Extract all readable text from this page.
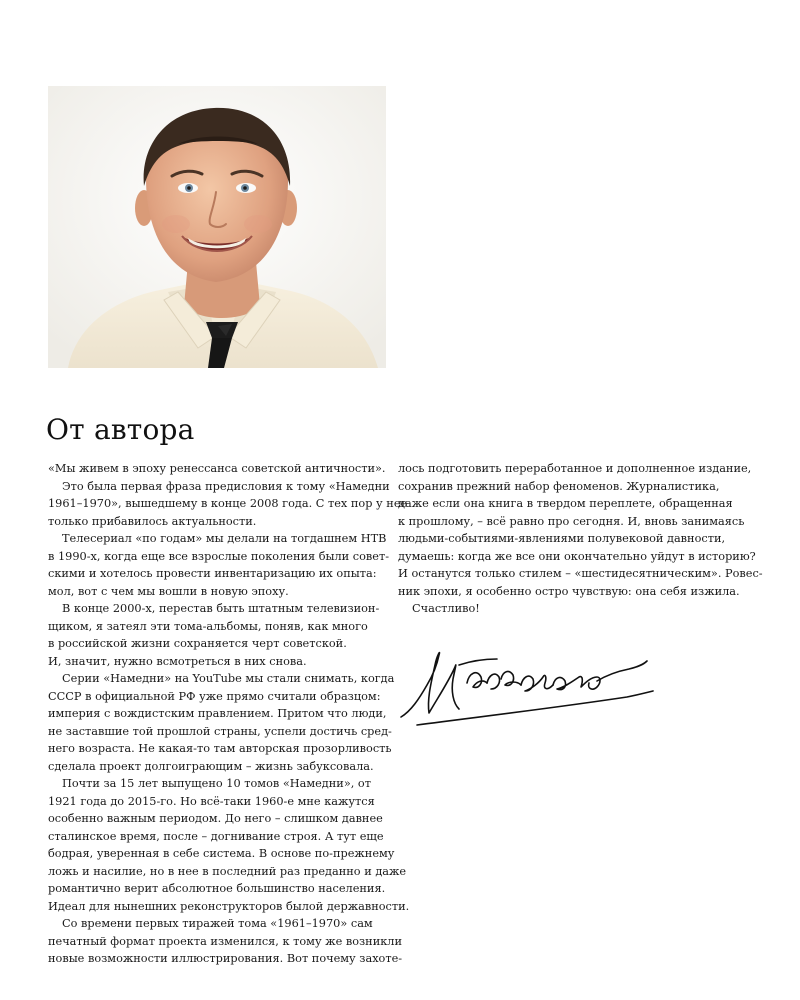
От автора

«Мы живем в эпоху ренессанса советской античности».

Это была первая фраза предисловия к тому «Намедни
1961–1970», вышедшему в конце 2008 года. С тех пор у нее
только прибавилось актуальности.

Телесериал «по годам» мы делали на тогдашнем НТВ
в 1990-х, когда еще все взрослые поколения были совет-
скими и хотелось провести инвентаризацию их опыта:
мол, вот с чем мы вошли в новую эпоху.

В конце 2000-х, перестав быть штатным телевизион-
щиком, я затеял эти тома-альбомы, поняв, как много
в российской жизни сохраняется черт советской.
И, значит, нужно всмотреться в них снова.

Серии «Намедни» на YouTube мы стали снимать, когда
СССР в официальной РФ уже прямо считали образцом:
империя с вождистским правлением. Притом что люди,
не заставшие той прошлой страны, успели достичь сред-
него возраста. Не какая-то там авторская прозорливость
сделала проект долгоиграющим – жизнь забуксовала.

Почти за 15 лет выпущено 10 томов «Намедни», от
1921 года до 2015-го. Но всё-таки 1960-е мне кажутся
особенно важным периодом. До него – слишком давнее
сталинское время, после – догнивание строя. А тут еще
бодрая, уверенная в себе система. В основе по-прежнему
ложь и насилие, но в нее в последний раз преданно и даже
романтично верит абсолютное большинство населения.
Идеал для нынешних реконструкторов былой державности.

Со времени первых тиражей тома «1961–1970» сам
печатный формат проекта изменился, к тому же возникли
новые возможности иллюстрирования. Вот почему захоте-

лось подготовить переработанное и дополненное издание,
сохранив прежний набор феноменов. Журналистика,
даже если она книга в твердом переплете, обращенная
к прошлому, – всё равно про сегодня. И, вновь занимаясь
людьми-событиями-явлениями полувековой давности,
думаешь: когда же все они окончательно уйдут в историю?
И останутся только стилем – «шестидесятническим». Ровес-
ник эпохи, я особенно остро чувствую: она себя изжила.

Счастливо!
